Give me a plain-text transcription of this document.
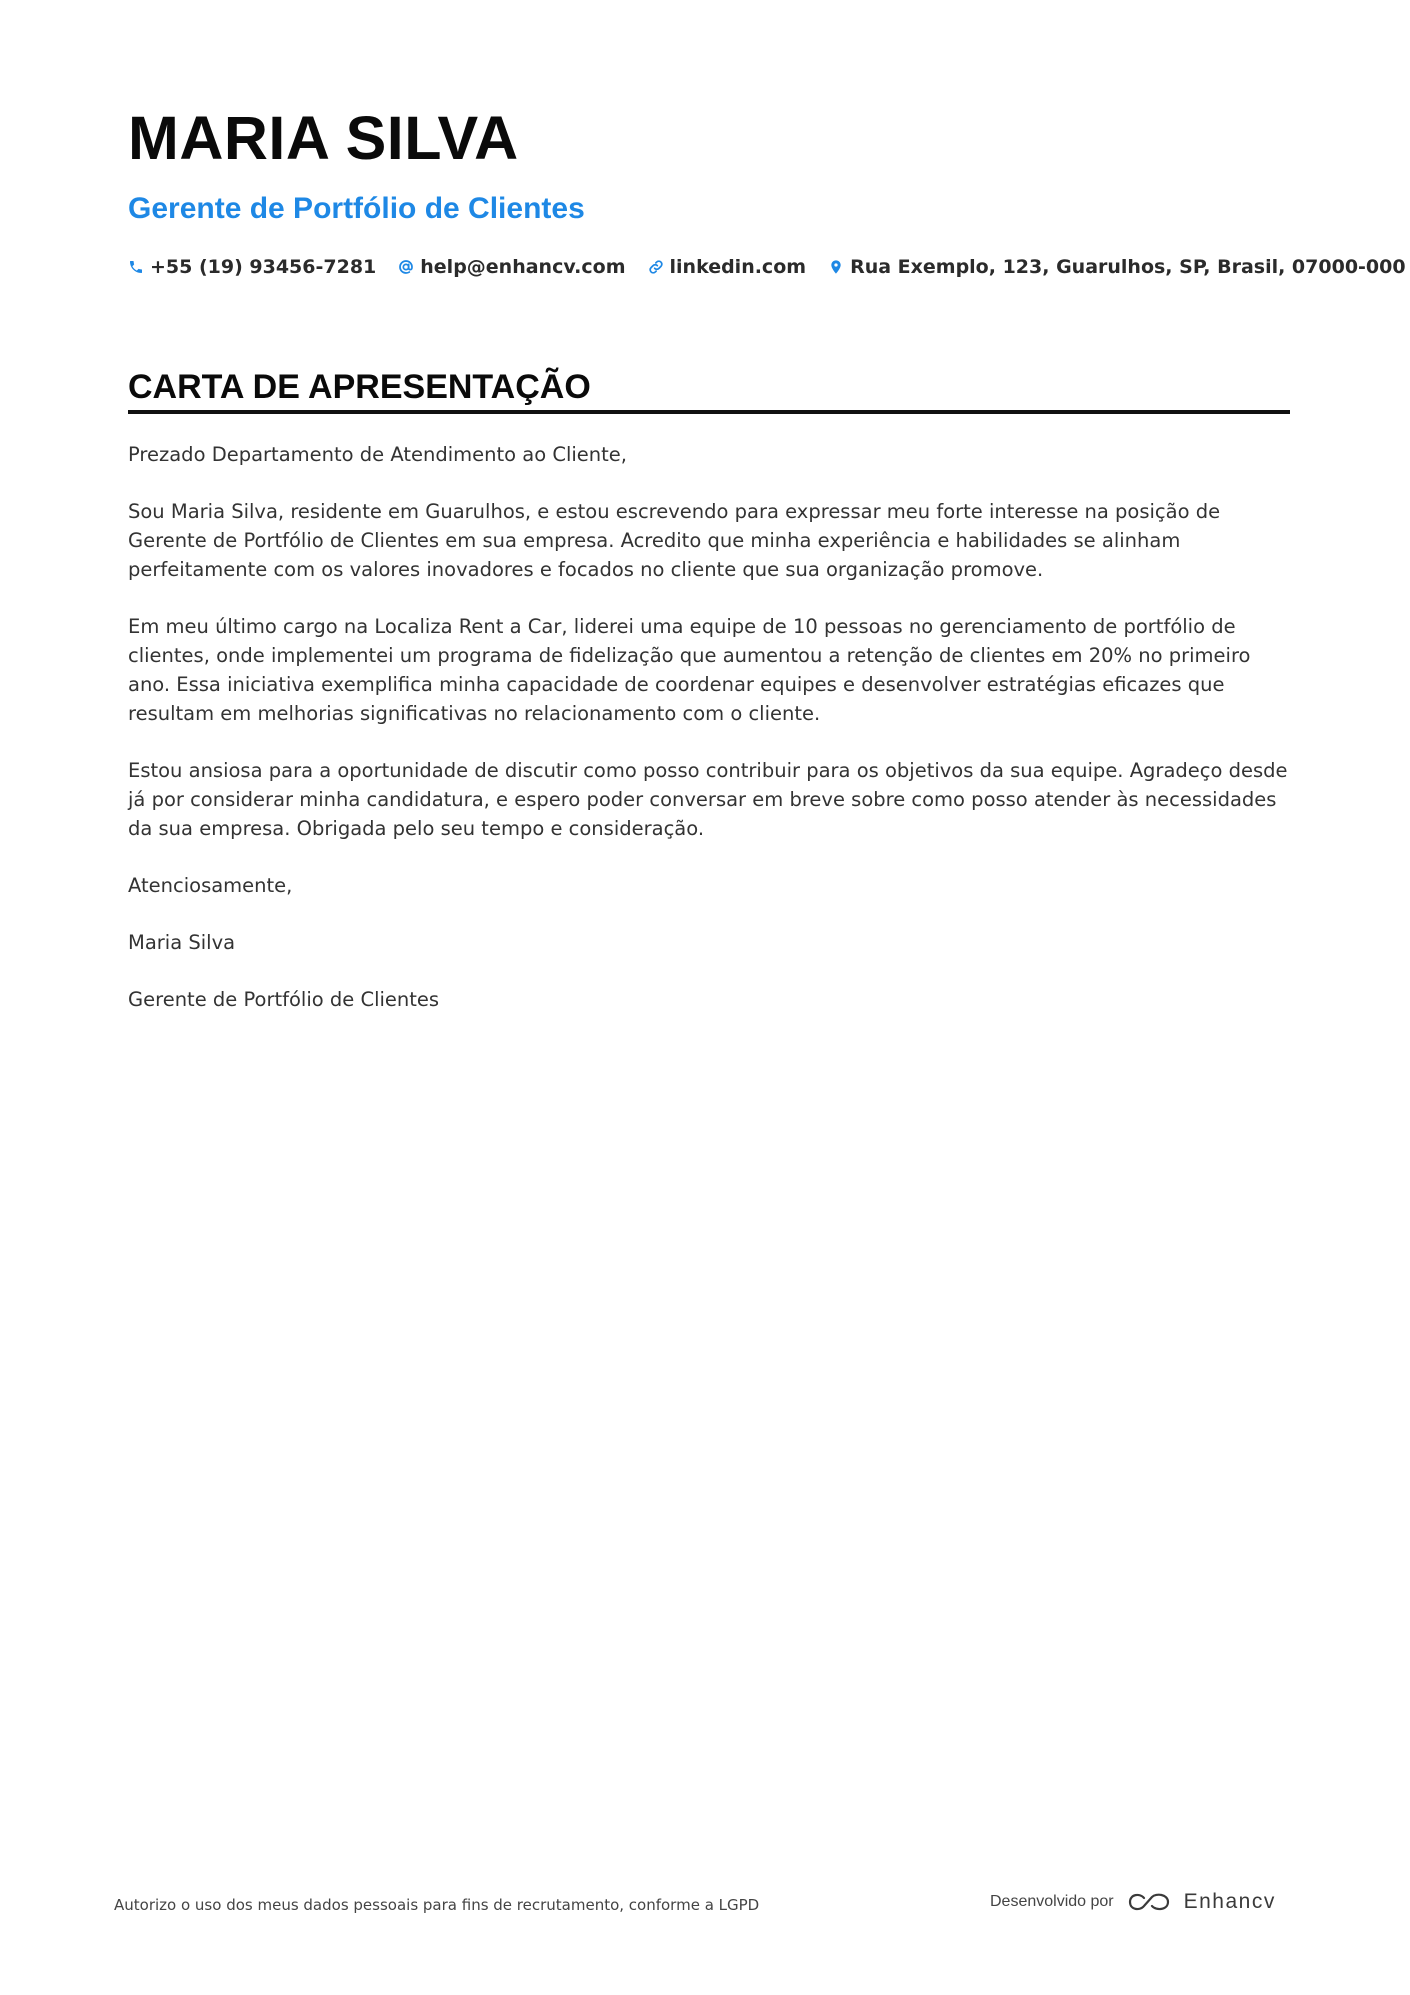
MARIA SILVA
Gerente de Portfólio de Clientes
+55 (19) 93456-7281 help@enhancv.com linkedin.com Rua Exemplo, 123, Guarulhos, SP, Brasil, 07000-000
CARTA DE APRESENTAÇÃO

Prezado Departamento de Atendimento ao Cliente,

Sou Maria Silva, residente em Guarulhos, e estou escrevendo para expressar meu forte interesse na posição de Gerente de Portfólio de Clientes em sua empresa. Acredito que minha experiência e habilidades se alinham perfeitamente com os valores inovadores e focados no cliente que sua organização promove.

Em meu último cargo na Localiza Rent a Car, liderei uma equipe de 10 pessoas no gerenciamento de portfólio de clientes, onde implementei um programa de fidelização que aumentou a retenção de clientes em 20% no primeiro ano. Essa iniciativa exemplifica minha capacidade de coordenar equipes e desenvolver estratégias eficazes que resultam em melhorias significativas no relacionamento com o cliente.

Estou ansiosa para a oportunidade de discutir como posso contribuir para os objetivos da sua equipe. Agradeço desde já por considerar minha candidatura, e espero poder conversar em breve sobre como posso atender às necessidades da sua empresa. Obrigada pelo seu tempo e consideração.

Atenciosamente,

Maria Silva

Gerente de Portfólio de Clientes

Autorizo o uso dos meus dados pessoais para fins de recrutamento, conforme a LGPD	Desenvolvido por	Enhancv
